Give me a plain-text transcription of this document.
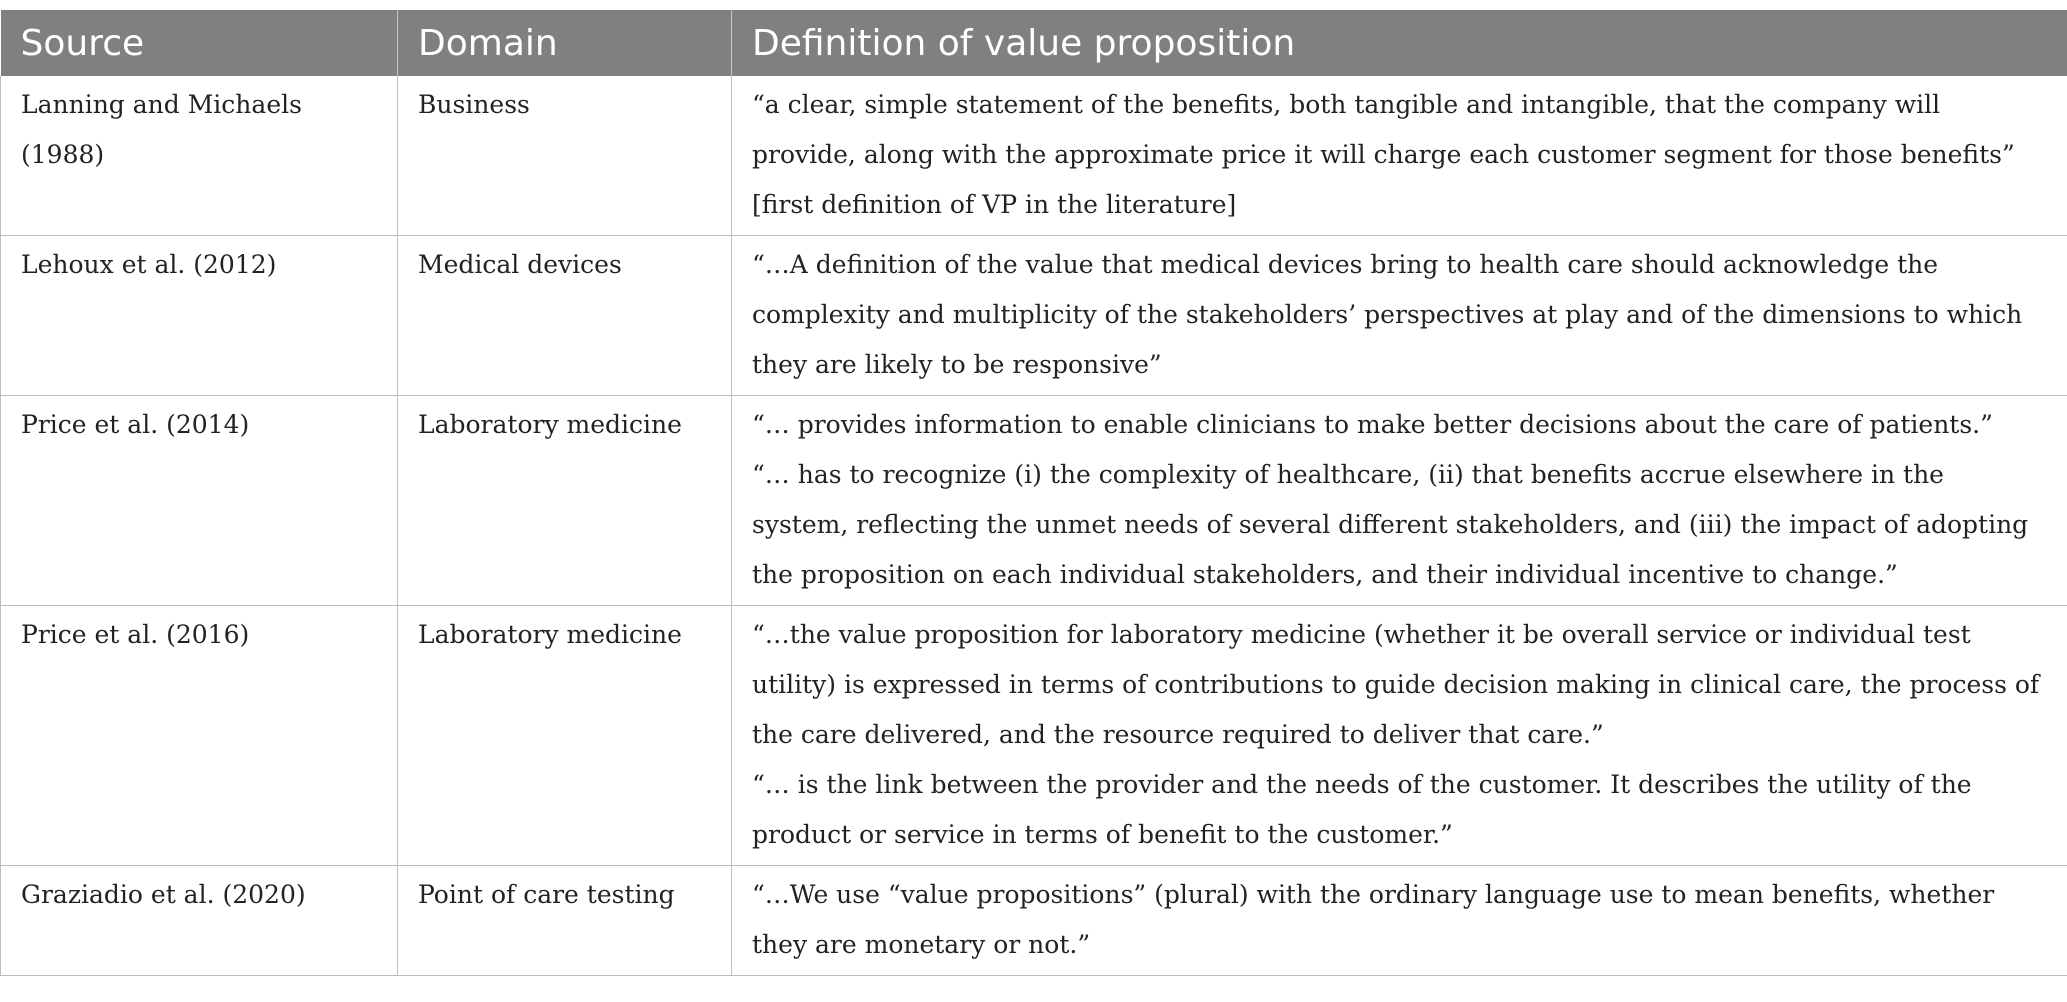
Source	Domain	Definition of value proposition
Lanning and Michaels (1988)	Business	“a clear, simple statement of the benefits, both tangible and intangible, that the company will provide, along with the approximate price it will charge each customer segment for those benefits” [first definition of VP in the literature]

Lehoux et al. (2012)	Medical devices	“…A definition of the value that medical devices bring to health care should acknowledge the complexity and multiplicity of the stakeholders’ perspectives at play and of the dimensions to which they are likely to be responsive”

Price et al. (2014)	Laboratory medicine	“… provides information to enable clinicians to make better decisions about the care of patients.”
“… has to recognize (i) the complexity of healthcare, (ii) that benefits accrue elsewhere in the system, reflecting the unmet needs of several different stakeholders, and (iii) the impact of adopting the proposition on each individual stakeholders, and their individual incentive to change.”

Price et al. (2016)	Laboratory medicine	“…the value proposition for laboratory medicine (whether it be overall service or individual test utility) is expressed in terms of contributions to guide decision making in clinical care, the process of the care delivered, and the resource required to deliver that care.”
“… is the link between the provider and the needs of the customer. It describes the utility of the product or service in terms of benefit to the customer.”

Graziadio et al. (2020)	Point of care testing	“…We use “value propositions” (plural) with the ordinary language use to mean benefits, whether they are monetary or not.”
